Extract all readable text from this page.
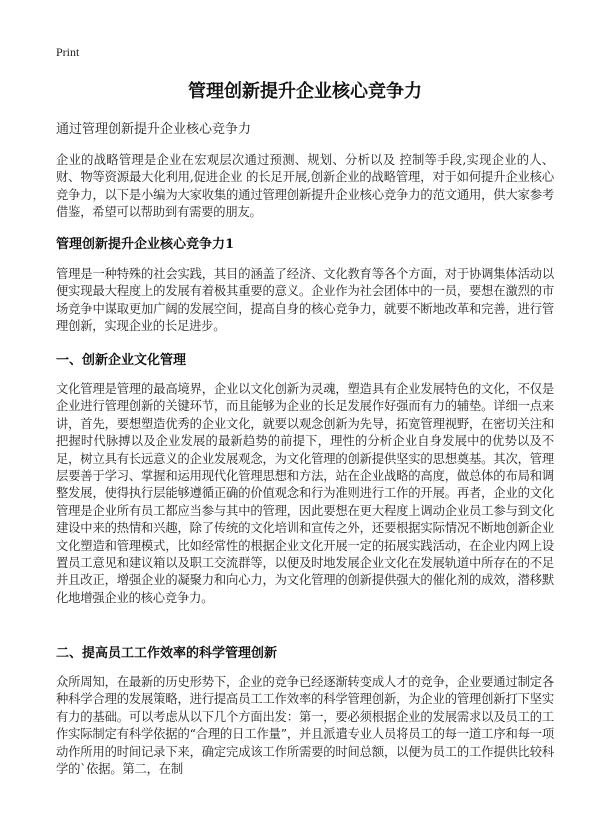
Print
管理创新提升企业核心竞争力
通过管理创新提升企业核心竞争力
企业的战略管理是企业在宏观层次通过预测、规划、分析以及 控制等手段,实现企业的人、财、物等资源最大化利用,促进企业 的长足开展,创新企业的战略管理，对于如何提升企业核心竞争力，以下是小编为大家收集的通过管理创新提升企业核心竞争力的范文通用，供大家参考借鉴，希望可以帮助到有需要的朋友。
管理创新提升企业核心竞争力1
管理是一种特殊的社会实践，其目的涵盖了经济、文化教育等各个方面，对于协调集体活动以便实现最大程度上的发展有着极其重要的意义。企业作为社会团体中的一员，要想在激烈的市场竞争中谋取更加广阔的发展空间，提高自身的核心竞争力，就要不断地改革和完善，进行管理创新，实现企业的长足进步。
一、创新企业文化管理
文化管理是管理的最高境界，企业以文化创新为灵魂，塑造具有企业发展特色的文化，不仅是企业进行管理创新的关键环节，而且能够为企业的长足发展作好强而有力的辅垫。详细一点来讲，首先，要想塑造优秀的企业文化，就要以观念创新为先导，拓宽管理视野，在密切关注和把握时代脉搏以及企业发展的最新趋势的前提下，理性的分析企业自身发展中的优势以及不足，树立具有长远意义的企业发展观念，为文化管理的创新提供坚实的思想奠基。其次，管理层要善于学习、掌握和运用现代化管理思想和方法，站在企业战略的高度，做总体的布局和调整发展，使得执行层能够遵循正确的价值观念和行为准则进行工作的开展。再者，企业的文化管理是企业所有员工都应当参与其中的管理，因此要想在更大程度上调动企业员工参与到文化建设中来的热情和兴趣，除了传统的文化培训和宣传之外，还要根据实际情况不断地创新企业文化塑造和管理模式，比如经常性的根据企业文化开展一定的拓展实践活动，在企业内网上设置员工意见和建议箱以及职工交流群等，以便及时地发展企业文化在发展轨道中所存在的不足并且改正，增强企业的凝聚力和向心力，为文化管理的创新提供强大的催化剂的成效，潜移默化地增强企业的核心竞争力。
二、提高员工工作效率的科学管理创新
众所周知，在最新的历史形势下，企业的竞争已经逐渐转变成人才的竞争，企业要通过制定各种科学合理的发展策略，进行提高员工工作效率的科学管理创新，为企业的管理创新打下坚实有力的基础。可以考虑从以下几个方面出发：第一，要必须根据企业的发展需求以及员工的工作实际制定有科学依据的“合理的日工作量”，并且派遣专业人员将员工的每一道工序和每一项动作所用的时间记录下来，确定完成该工作所需要的时间总额，以便为员工的工作提供比较科学的`依据。第二，在制
